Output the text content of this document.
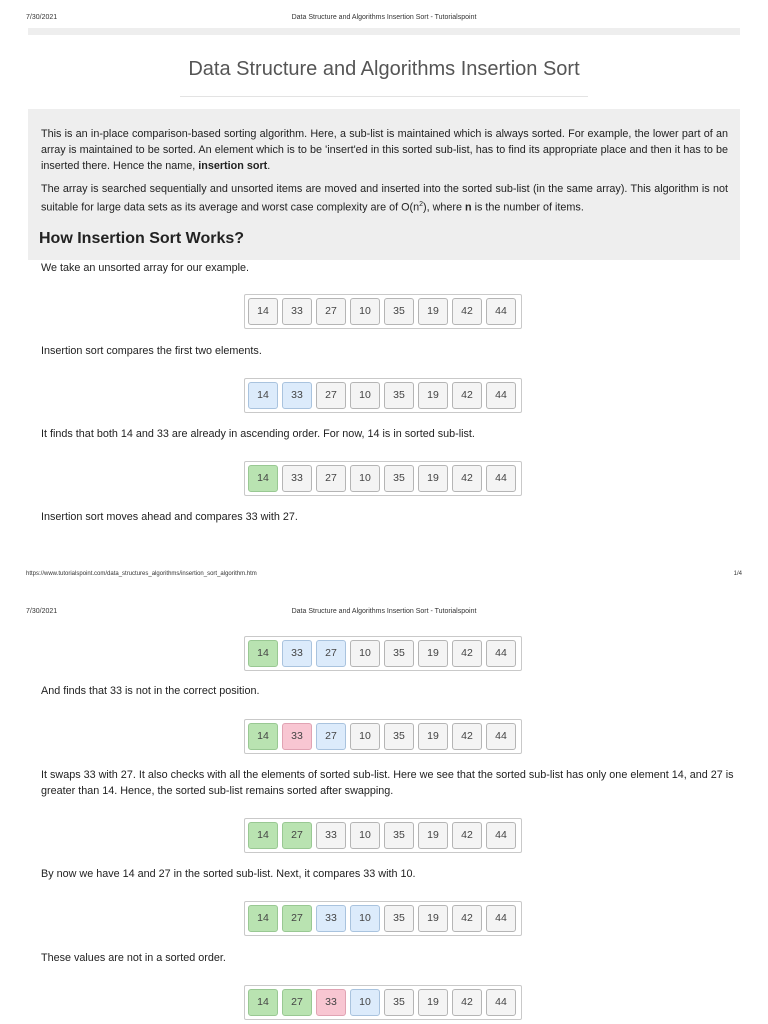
7/30/2021	Data Structure and Algorithms Insertion Sort - Tutorialspoint
Data Structure and Algorithms Insertion Sort
This is an in-place comparison-based sorting algorithm. Here, a sub-list is maintained which is always sorted. For example, the lower part of an array is maintained to be sorted. An element which is to be 'insert'ed in this sorted sub-list, has to find its appropriate place and then it has to be inserted there. Hence the name, insertion sort.
The array is searched sequentially and unsorted items are moved and inserted into the sorted sub-list (in the same array). This algorithm is not suitable for large data sets as its average and worst case complexity are of $O(n^2)$, where n is the number of items.
How Insertion Sort Works?
We take an unsorted array for our example.
14	33	27	10	35	19	42	44
Insertion sort compares the first two elements.
14	33	27	10	35	19	42	44
It finds that both 14 and 33 are already in ascending order. For now, 14 is in sorted sub-list.
14	33	27	10	35	19	42	44
Insertion sort moves ahead and compares 33 with 27.
14	33	27	10	35	19	42	44
And finds that 33 is not in the correct position.
14	33	27	10	35	19	42	44
It swaps 33 with 27. It also checks with all the elements of sorted sub-list. Here we see that the sorted sub-list has only one element 14, and 27 is greater than 14. Hence, the sorted sub-list remains sorted after swapping.
14	27	33	10	35	19	42	44
By now we have 14 and 27 in the sorted sub-list. Next, it compares 33 with 10.
14	27	33	10	35	19	42	44
These values are not in a sorted order.
14	27	33	10	35	19	42	44
https://www.tutorialspoint.com/data_structures_algorithms/insertion_sort_algorithm.htm	1/4
7/30/2021	Data Structure and Algorithms Insertion Sort - Tutorialspoint
